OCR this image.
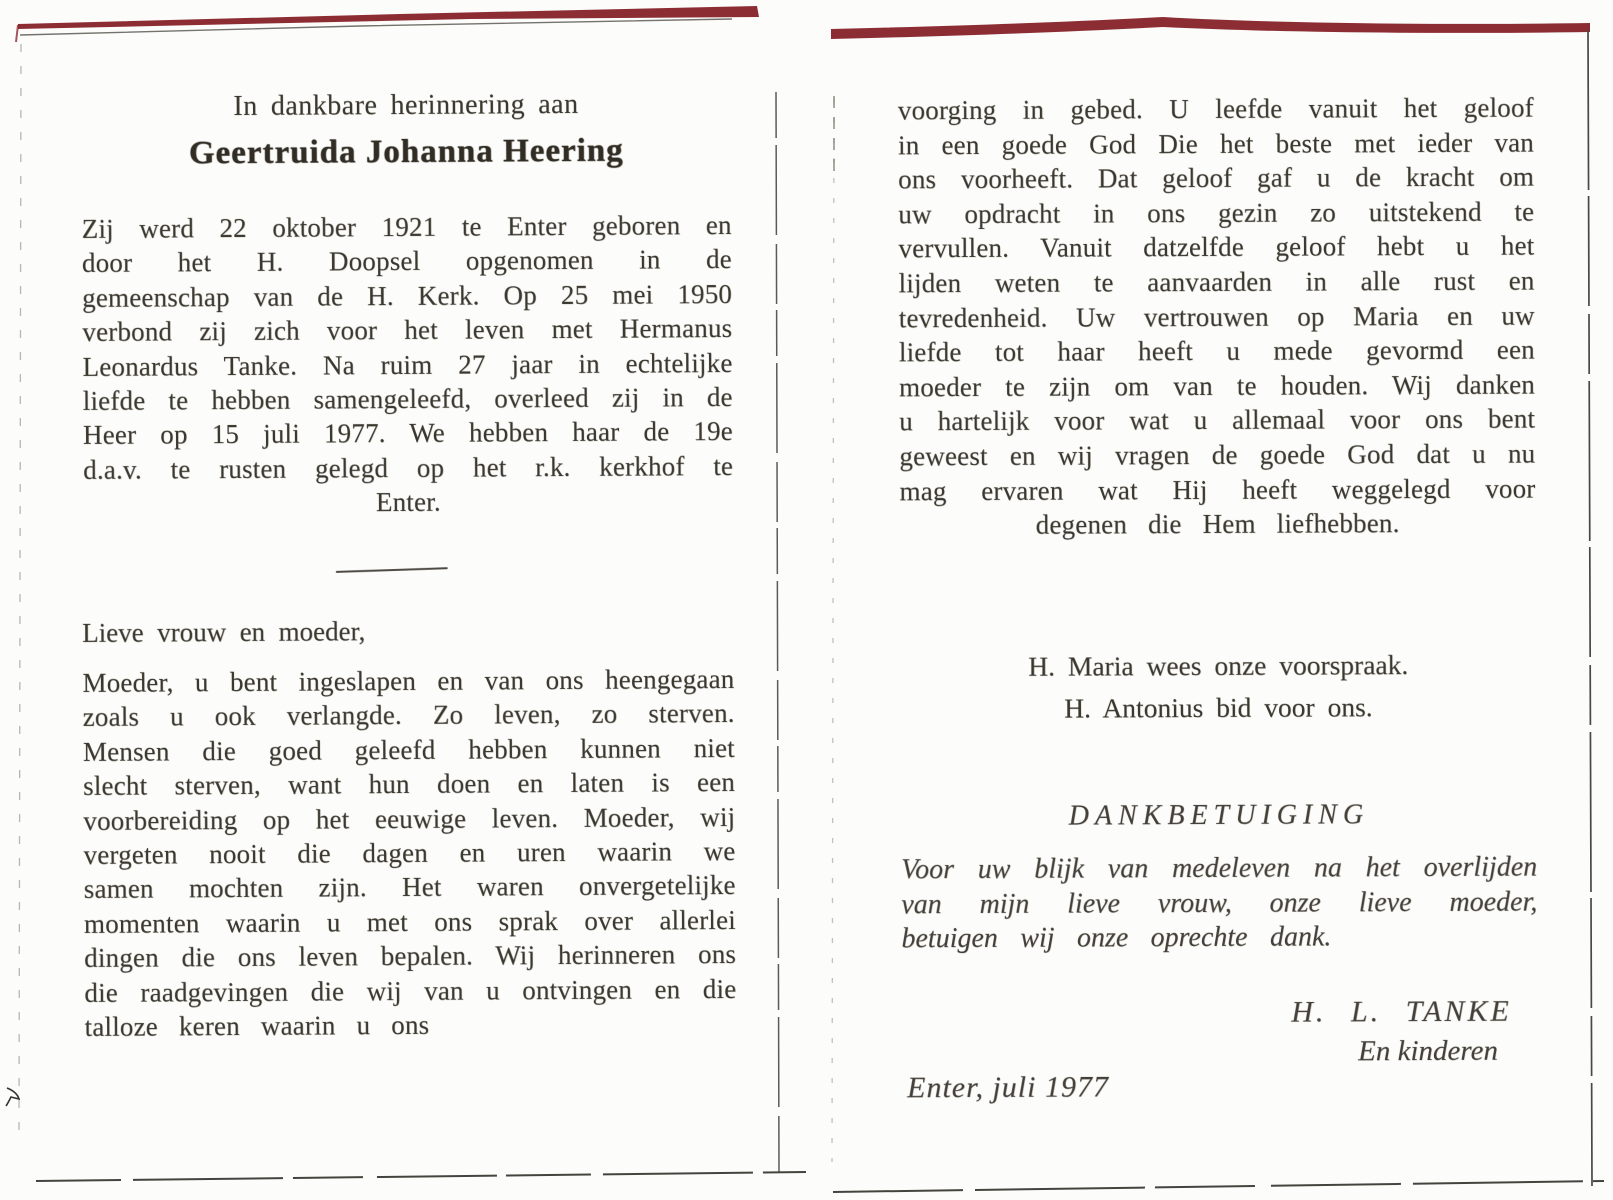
In dankbare herinnering aan
Geertruida Johanna Heering

Zij werd 22 oktober 1921 te Enter geboren en door het H. Doopsel opgenomen in de gemeenschap van de H. Kerk. Op 25 mei 1950 verbond zij zich voor het leven met Hermanus Leonardus Tanke. Na ruim 27 jaar in echtelijke liefde te hebben samengeleefd, overleed zij in de Heer op 15 juli 1977. We hebben haar de 19e d.a.v. te rusten gelegd op het r.k. kerkhof te Enter.

Lieve vrouw en moeder,

Moeder, u bent ingeslapen en van ons heengegaan zoals u ook verlangde. Zo leven, zo sterven. Mensen die goed geleefd hebben kunnen niet slecht sterven, want hun doen en laten is een voorbereiding op het eeuwige leven. Moeder, wij vergeten nooit die dagen en uren waarin we samen mochten zijn. Het waren onvergetelijke momenten waarin u met ons sprak over allerlei dingen die ons leven bepalen. Wij herinneren ons die raadgevingen die wij van u ontvingen en die talloze keren waarin u ons

voorging in gebed. U leefde vanuit het geloof in een goede God Die het beste met ieder van ons voorheeft. Dat geloof gaf u de kracht om uw opdracht in ons gezin zo uitstekend te vervullen. Vanuit datzelfde geloof hebt u het lijden weten te aanvaarden in alle rust en tevredenheid. Uw vertrouwen op Maria en uw liefde tot haar heeft u mede gevormd een moeder te zijn om van te houden. Wij danken u hartelijk voor wat u allemaal voor ons bent geweest en wij vragen de goede God dat u nu mag ervaren wat Hij heeft weggelegd voor degenen die Hem liefhebben.

H. Maria wees onze voorspraak.

H. Antonius bid voor ons.

DANKBETUIGING

Voor uw blijk van medeleven na het overlijden van mijn lieve vrouw, onze lieve moeder, betuigen wij onze oprechte dank.

H. L. TANKE
En kinderen
Enter, juli 1977
